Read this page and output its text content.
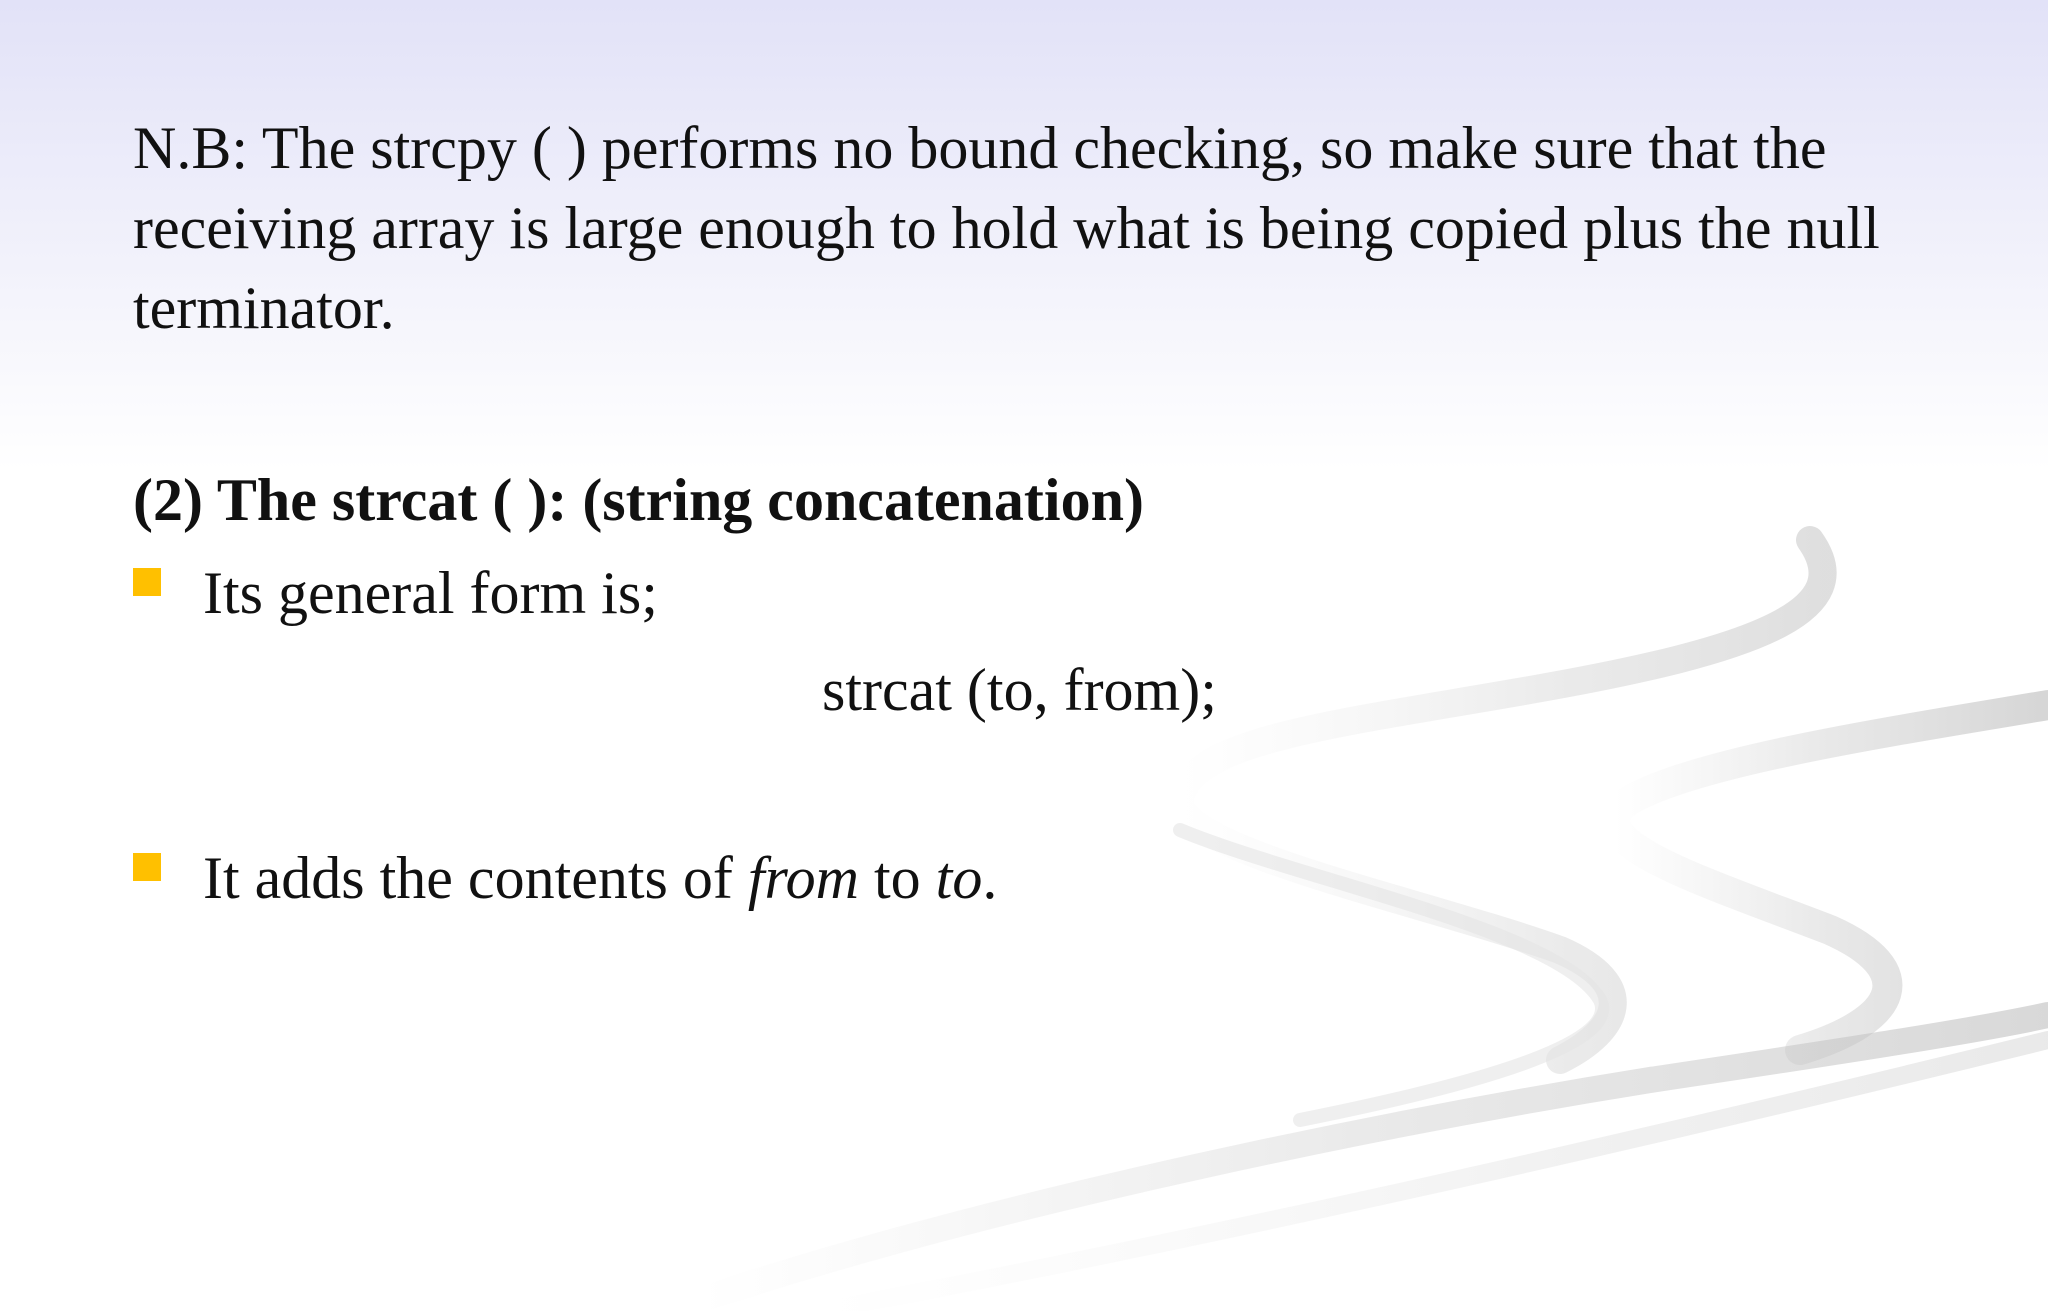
N.B: The strcpy ( ) performs no bound checking, so make sure that the receiving array is large enough to hold what is being copied plus the null terminator.

(2) The strcat ( ): (string concatenation)

Its general form is;

strcat (to, from);

It adds the contents of from to to.
